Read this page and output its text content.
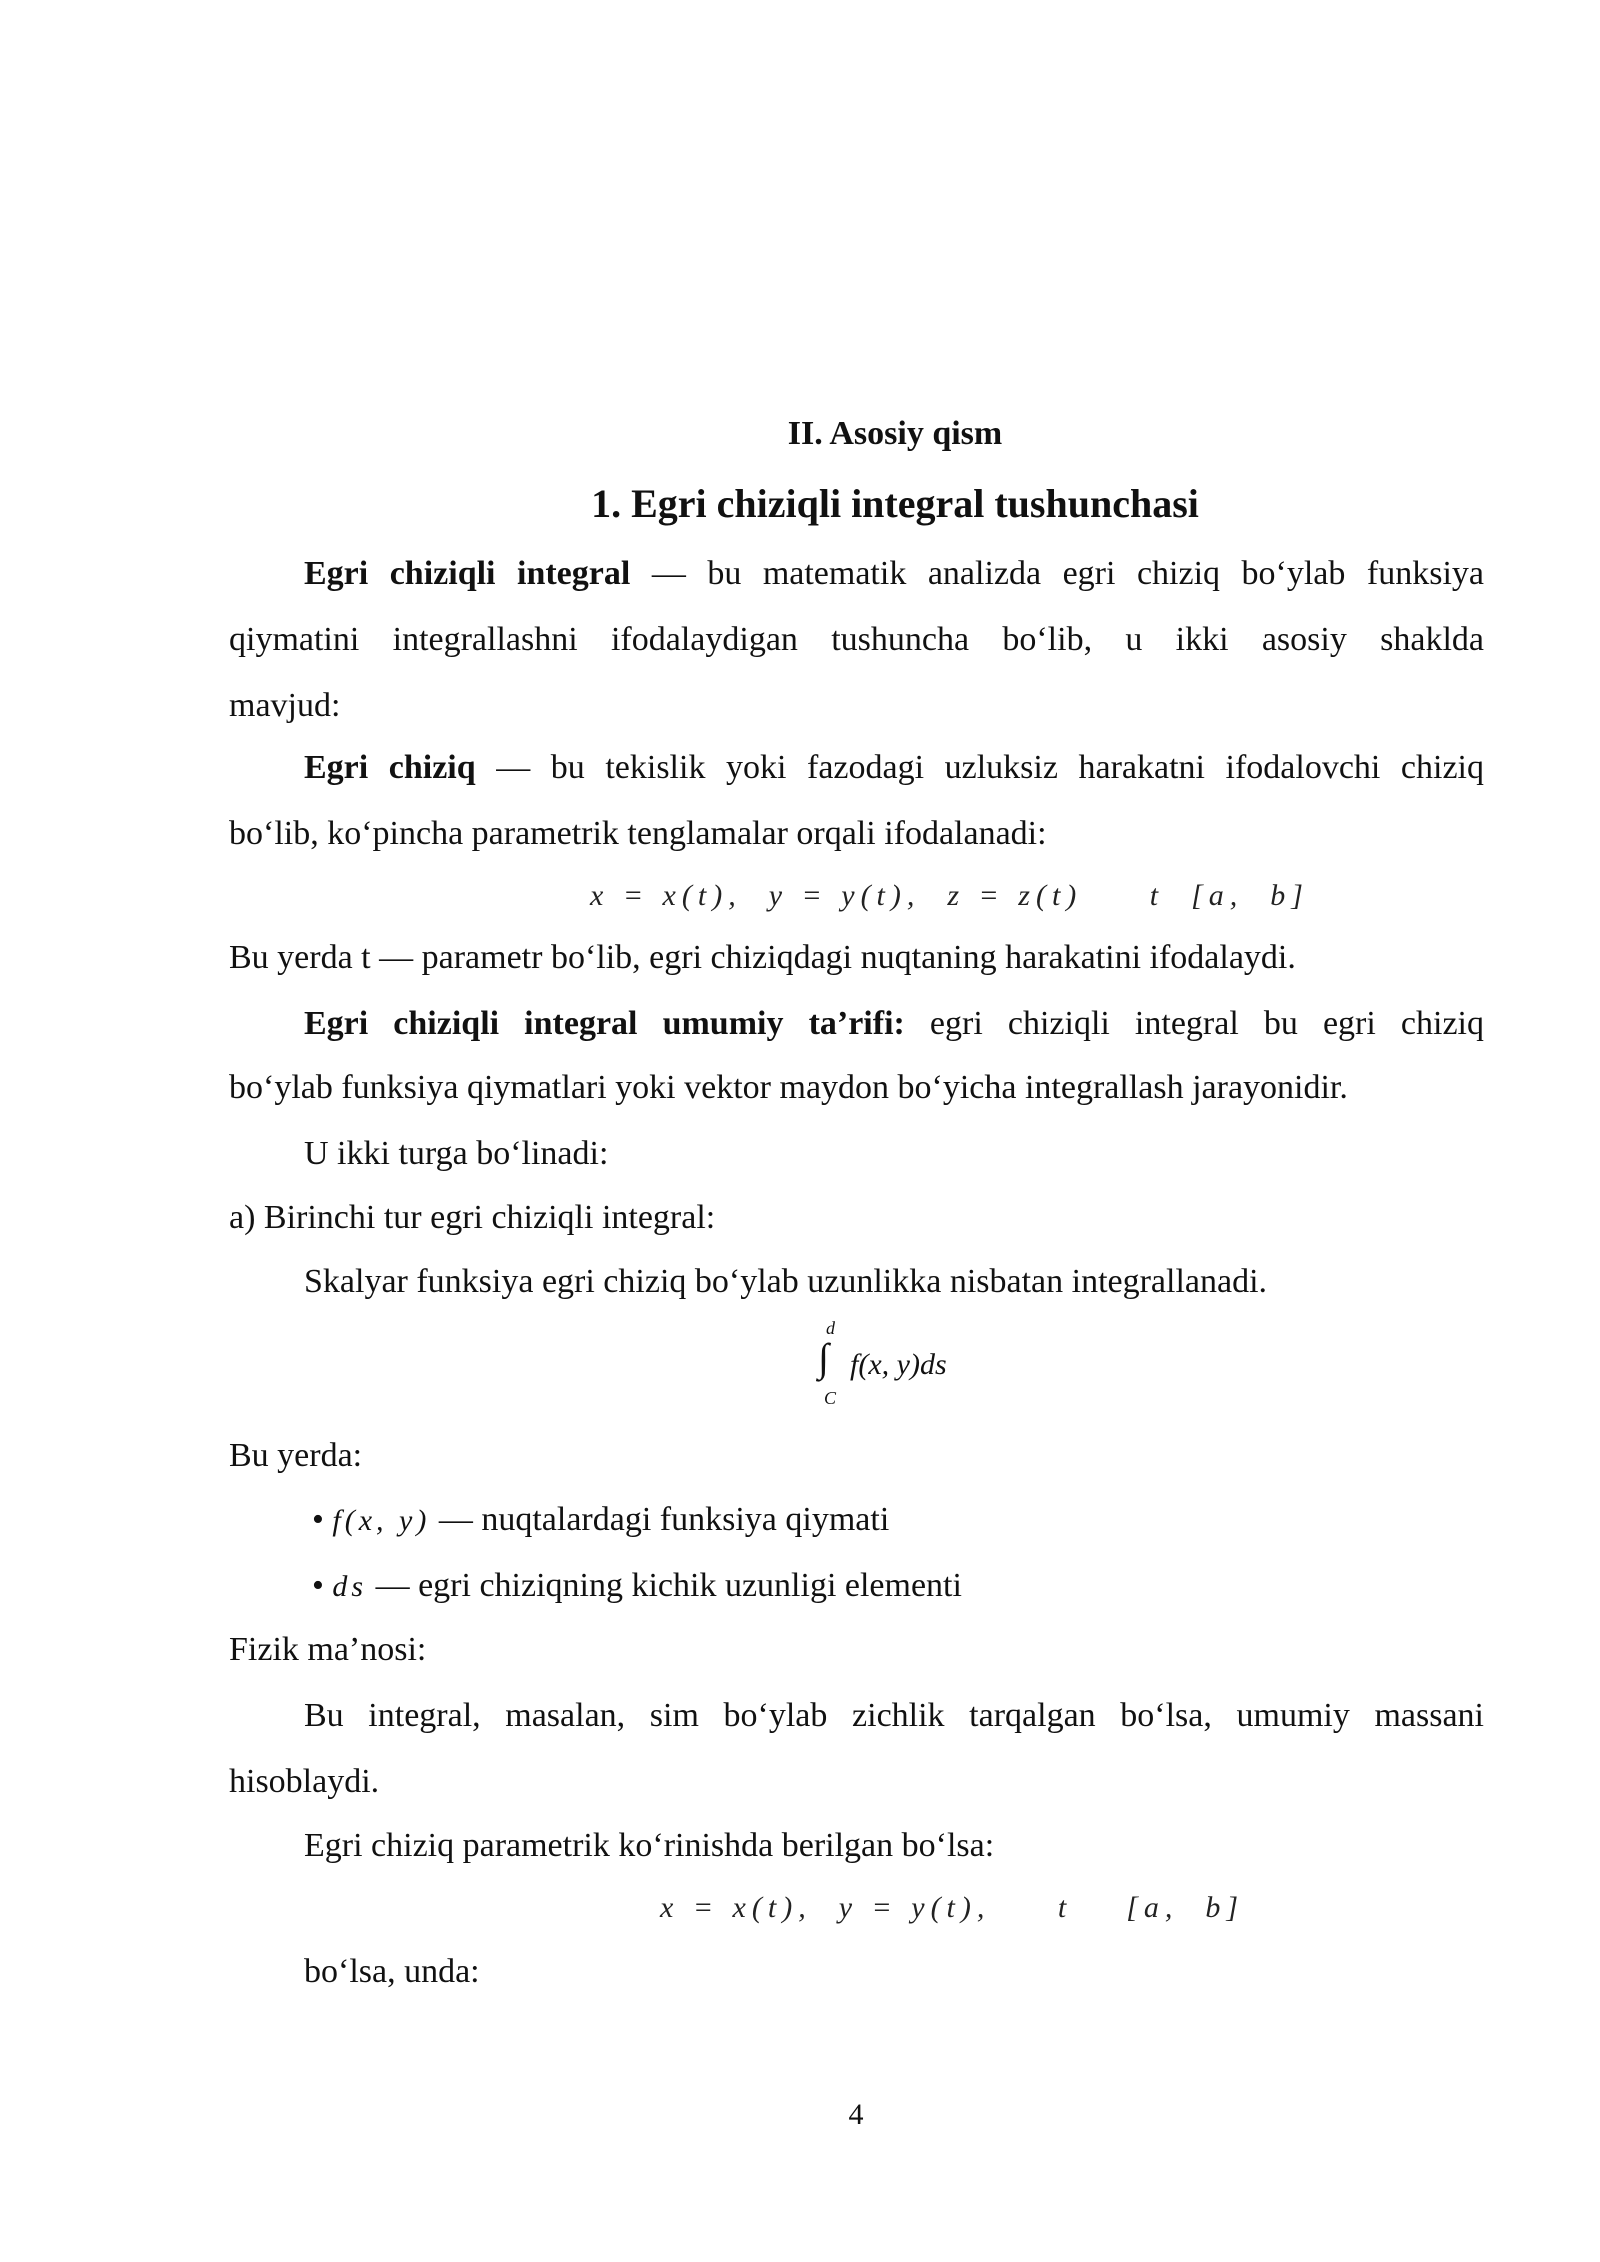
II. Asosiy qism
1. Egri chiziqli integral tushunchasi
Egri chiziqli integral — bu matematik analizda egri chiziq bo‘ylab funksiya
qiymatini integrallashni ifodalaydigan tushuncha bo‘lib, u ikki asosiy shaklda
mavjud:
Egri chiziq — bu tekislik yoki fazodagi uzluksiz harakatni ifodalovchi chiziq
bo‘lib, ko‘pincha parametrik tenglamalar orqali ifodalanadi:
x = x(t),  y = y(t),  z = z(t)     t  [a,  b]
Bu yerda t — parametr bo‘lib, egri chiziqdagi nuqtaning harakatini ifodalaydi.
Egri chiziqli integral umumiy ta’rifi: egri chiziqli integral bu egri chiziq
bo‘ylab funksiya qiymatlari yoki vektor maydon bo‘yicha integrallash jarayonidir.
U ikki turga bo‘linadi:
a) Birinchi tur egri chiziqli integral:
Skalyar funksiya egri chiziq bo‘ylab uzunlikka nisbatan integrallanadi.
d
∫
C
f(x, y)ds
Bu yerda:
• f(x, y) — nuqtalardagi funksiya qiymati
• ds — egri chiziqning kichik uzunligi elementi
Fizik ma’nosi:
Bu integral, masalan, sim bo‘ylab zichlik tarqalgan bo‘lsa, umumiy massani
hisoblaydi.
Egri chiziq parametrik ko‘rinishda berilgan bo‘lsa:
x = x(t),  y = y(t),     t    [a,  b]
bo‘lsa, unda:
4
